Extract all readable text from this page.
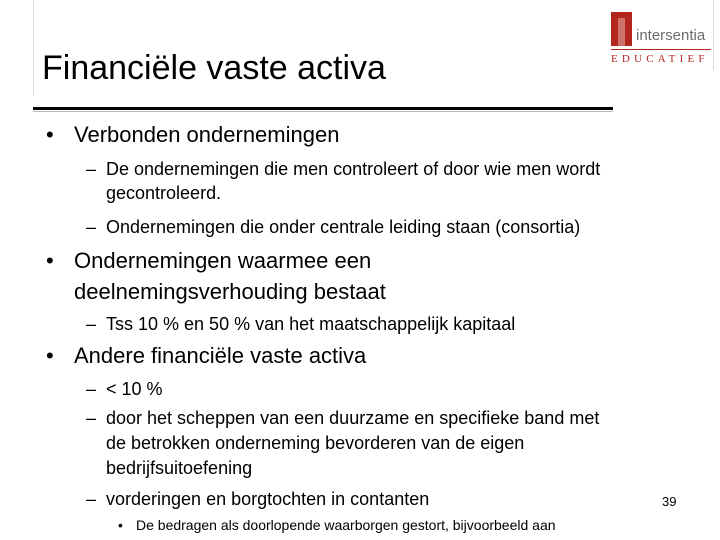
intersentia
EDUCATIEF
Financiële vaste activa
• Verbonden ondernemingen
– De ondernemingen die men controleert of door wie men wordt
gecontroleerd.
– Ondernemingen die onder centrale leiding staan (consortia)
• Ondernemingen waarmee een
deelnemingsverhouding bestaat
– Tss 10 % en 50 % van het maatschappelijk kapitaal
• Andere financiële vaste activa
– < 10 %
– door het scheppen van een duurzame en specifieke band met
de betrokken onderneming bevorderen van de eigen
bedrijfsuitoefening
– vorderingen en borgtochten in contanten
• De bedragen als doorlopende waarborgen gestort, bijvoorbeeld aan
39
